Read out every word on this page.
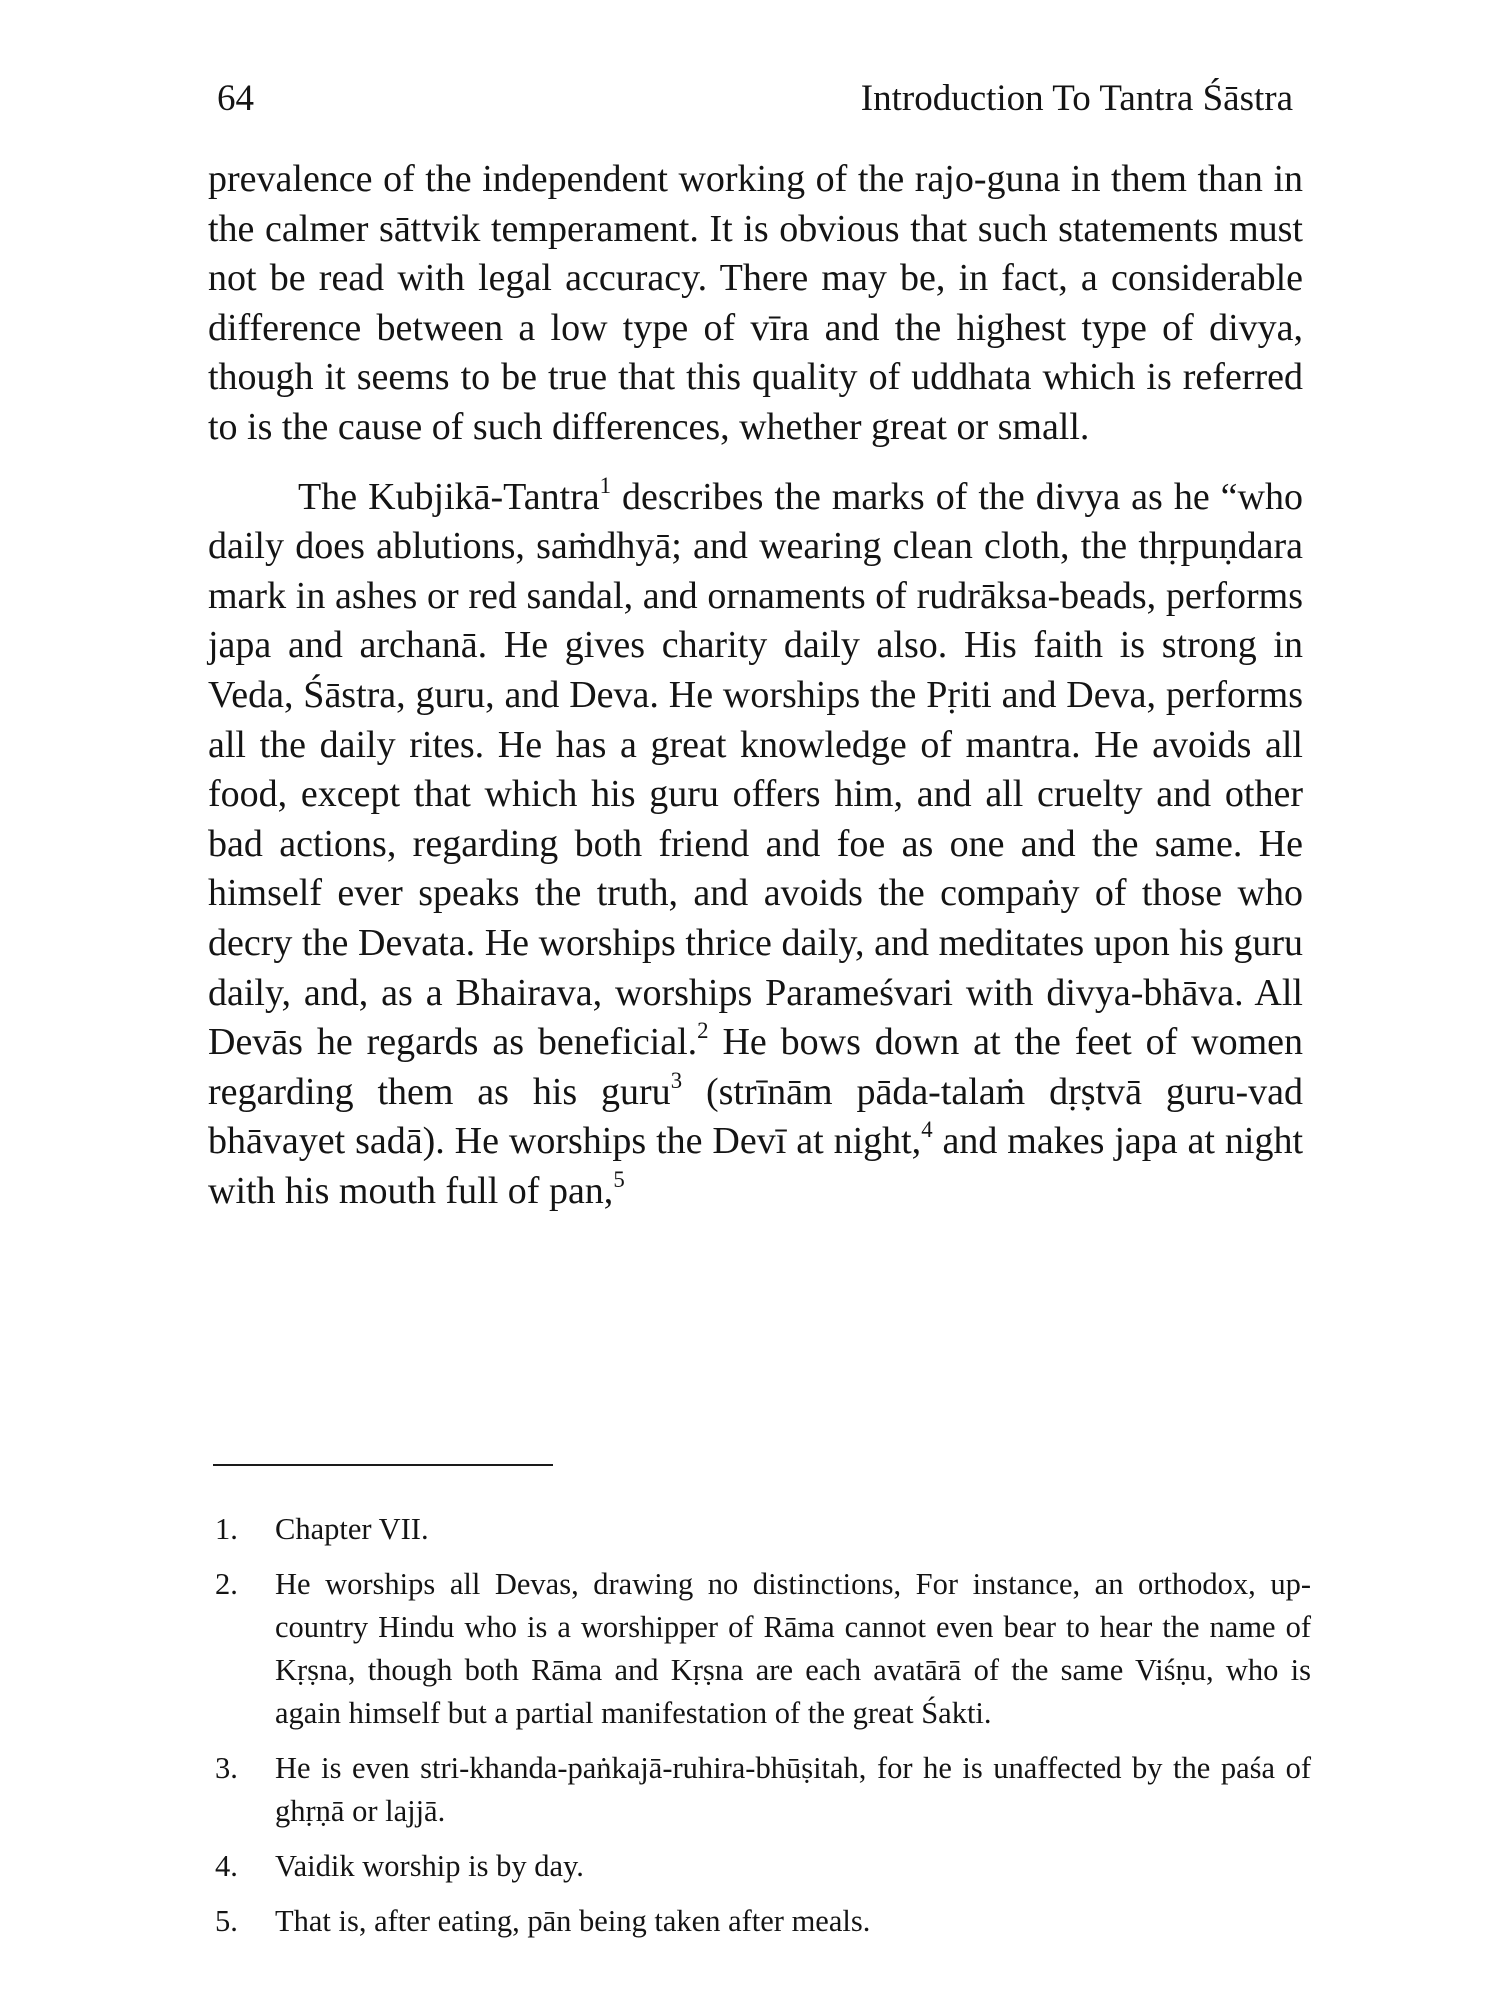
64	Introduction To Tantra Śāstra

prevalence of the independent working of the rajo-guna in them than in the calmer sāttvik temperament. It is obvious that such statements must not be read with legal accuracy. There may be, in fact, a considerable difference between a low type of vīra and the highest type of divya, though it seems to be true that this quality of uddhata which is referred to is the cause of such differences, whether great or small.

The Kubjikā-Tantra$^1$ describes the marks of the divya as he “who daily does ablutions, saṁdhyā; and wearing clean cloth, the thṛpuṇdara mark in ashes or red sandal, and ornaments of rudrāksa-beads, performs japa and archanā. He gives charity daily also. His faith is strong in Veda, Śāstra, guru, and Deva. He worships the Pṛiti and Deva, performs all the daily rites. He has a great knowledge of mantra. He avoids all food, except that which his guru offers him, and all cruelty and other bad actions, regarding both friend and foe as one and the same. He himself ever speaks the truth, and avoids the compaṅy of those who decry the Devata. He worships thrice daily, and meditates upon his guru daily, and, as a Bhairava, worships Parameśvari with divya-bhāva. All Devās he regards as beneficial.$^2$ He bows down at the feet of women regarding them as his guru$^3$ (strīnām pāda-talaṁ dṛṣtvā guru-vad bhāvayet sadā). He worships the Devī at night,$^4$ and makes japa at night with his mouth full of pan,$^5$

1.	Chapter VII.
2.	He worships all Devas, drawing no distinctions, For instance, an orthodox, up-country Hindu who is a worshipper of Rāma cannot even bear to hear the name of Kṛṣna, though both Rāma and Kṛṣna are each avatārā of the same Viśṇu, who is again himself but a partial manifestation of the great Śakti.
3.	He is even stri-khanda-paṅkajā-ruhira-bhūṣitah, for he is unaffected by the paśa of ghṛṇā or lajjā.
4.	Vaidik worship is by day.
5.	That is, after eating, pān being taken after meals.
